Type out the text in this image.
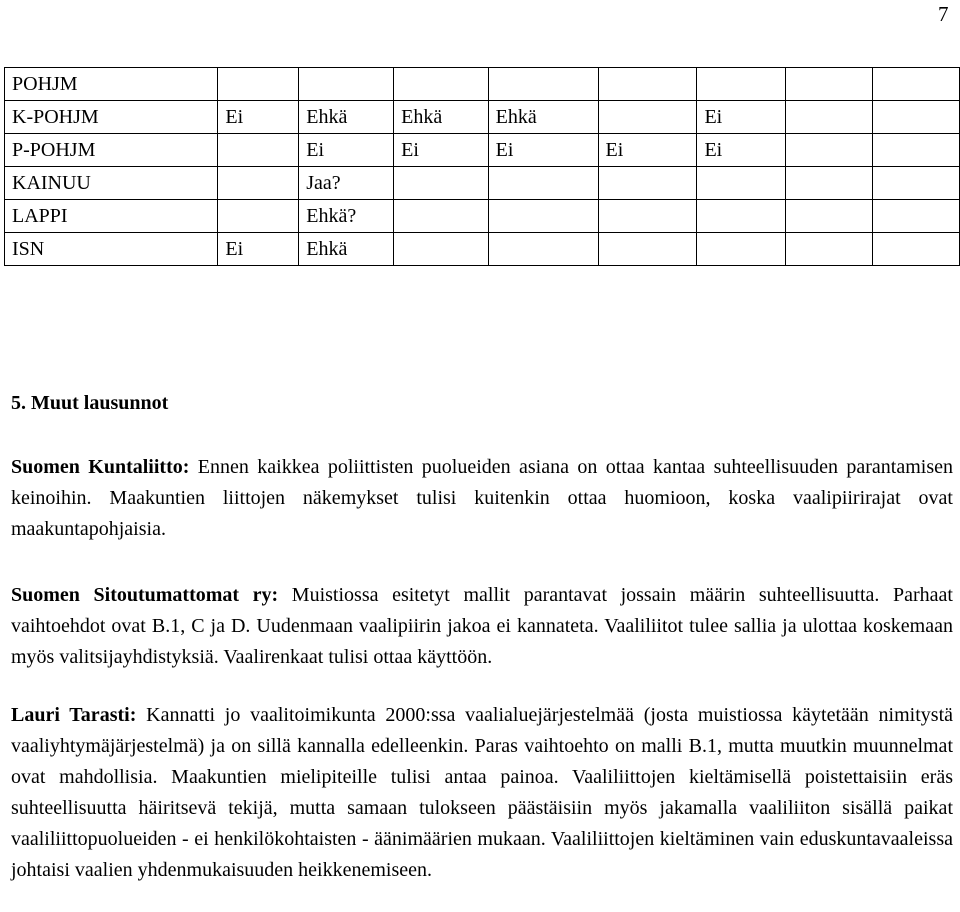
7
POHJM								
K-POHJM	Ei	Ehkä	Ehkä	Ehkä		Ei		
P-POHJM		Ei	Ei	Ei	Ei	Ei		
KAINUU		Jaa?						
LAPPI		Ehkä?						
ISN	Ei	Ehkä						
5. Muut lausunnot

Suomen Kuntaliitto: Ennen kaikkea poliittisten puolueiden asiana on ottaa kantaa suhteellisuuden parantamisen keinoihin. Maakuntien liittojen näkemykset tulisi kuitenkin ottaa huomioon, koska vaalipiirirajat ovat maakuntapohjaisia.

Suomen Sitoutumattomat ry: Muistiossa esitetyt mallit parantavat jossain määrin suhteellisuutta. Parhaat vaihtoehdot ovat B.1, C ja D. Uudenmaan vaalipiirin jakoa ei kannateta. Vaaliliitot tulee sallia ja ulottaa koskemaan myös valitsijayhdistyksiä. Vaalirenkaat tulisi ottaa käyttöön.

Lauri Tarasti: Kannatti jo vaalitoimikunta 2000:ssa vaalialuejärjestelmää (josta muistiossa käytetään nimitystä vaaliyhtymäjärjestelmä) ja on sillä kannalla edelleenkin. Paras vaihtoehto on malli B.1, mutta muutkin muunnelmat ovat mahdollisia. Maakuntien mielipiteille tulisi antaa painoa. Vaaliliittojen kieltämisellä poistettaisiin eräs suhteellisuutta häiritsevä tekijä, mutta samaan tulokseen päästäisiin myös jakamalla vaaliliiton sisällä paikat vaaliliittopuolueiden - ei henkilökohtaisten - äänimäärien mukaan. Vaaliliittojen kieltäminen vain eduskuntavaaleissa johtaisi vaalien yhdenmukaisuuden heikkenemiseen.
